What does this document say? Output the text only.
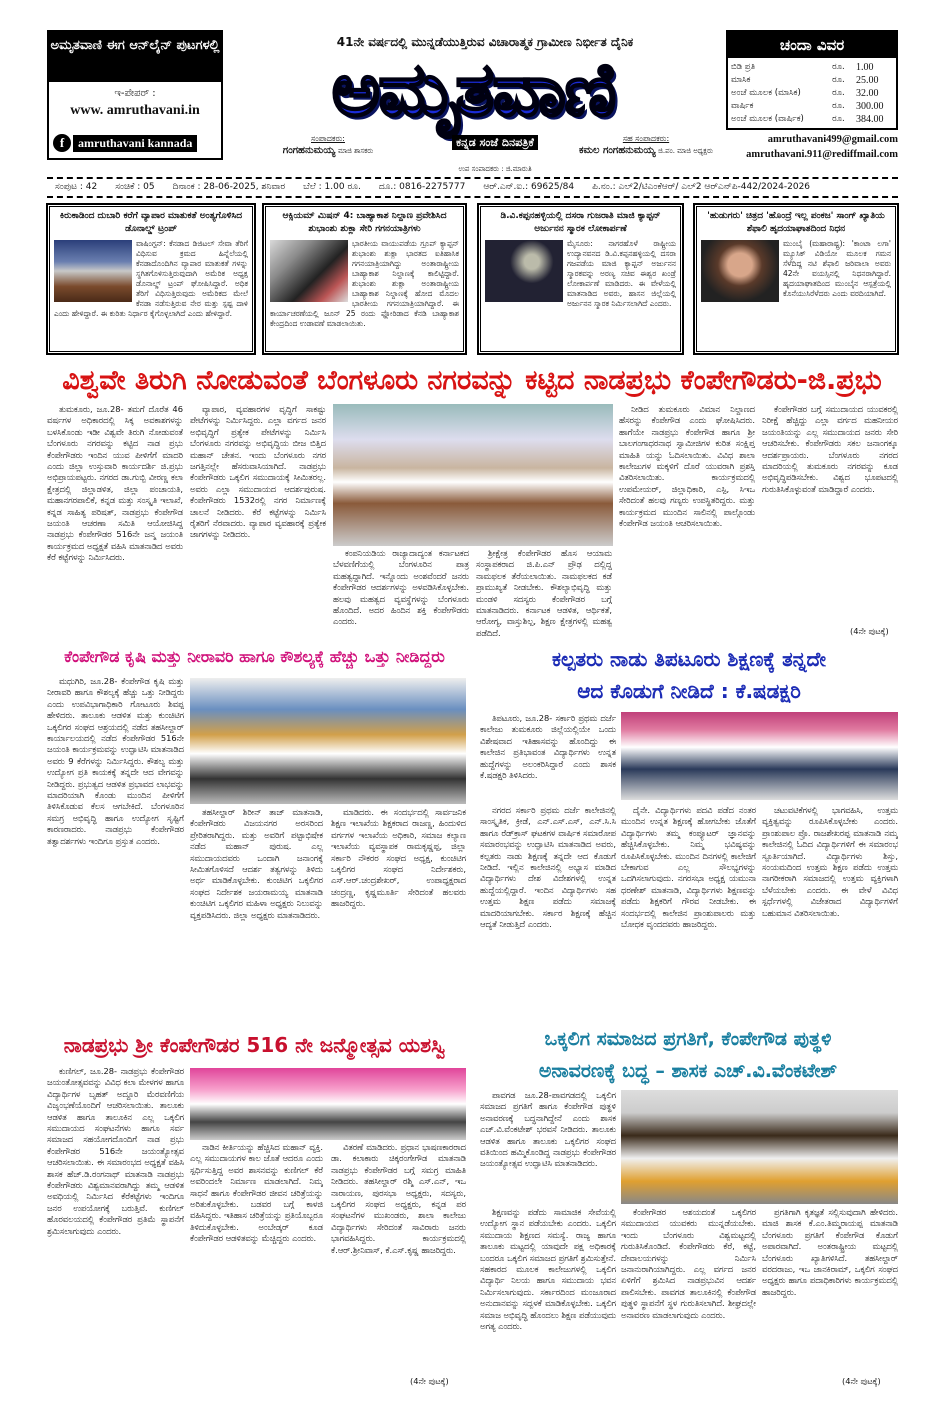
ಅಮೃತವಾಣಿ ಈಗ ಆನ್‌ಲೈನ್ ಪುಟಗಳಲ್ಲಿ
ಇ-ಪೇಪರ್ :
www. amruthavani.in
f	amruthavani kannada
41ನೇ ವರ್ಷದಲ್ಲಿ ಮುನ್ನಡೆಯುತ್ತಿರುವ ವಿಚಾರಾತ್ಮಕ ಗ್ರಾಮೀಣ ನಿರ್ಭೀತ ದೈನಿಕ
ಅಮೃತವಾಣಿ
ಸಂಪಾದಕರು:
ಗಂಗಹನುಮಯ್ಯ ಮಾಜಿ ಶಾಸಕರು
ಕನ್ನಡ ಸಂಜೆ ದಿನಪತ್ರಿಕೆ
ಉಪ ಸಂಪಾದಕರು : ಜಿ.ಮಾರುತಿ
ಸಹ ಸಂಪಾದಕರು:
ಕಮಲ ಗಂಗಹನುಮಯ್ಯ ಜಿ.ಪಂ. ಮಾಜಿ ಅಧ್ಯಕ್ಷರು
ಚಂದಾ ವಿವರ
ಬಿಡಿ ಪ್ರತಿ	ರೂ.	1.00
ಮಾಸಿಕ	ರೂ.	25.00
ಅಂಚೆ ಮೂಲಕ (ಮಾಸಿಕ)	ರೂ.	32.00
ವಾರ್ಷಿಕ	ರೂ.	300.00
ಅಂಚೆ ಮೂಲಕ (ವಾರ್ಷಿಕ)	ರೂ.	384.00
amruthavani499@gmail.com
amruthavani.911@rediffmail.com
ಸಂಪುಟ : 42 ಸಂಚಿಕೆ : 05 ದಿನಾಂಕ : 28-06-2025, ಶನಿವಾರ ಬೆಲೆ : 1.00 ರೂ. ದೂ.: 0816-2275777 ಆರ್.ಎನ್.ಐ.: 69625/84 ಪಿ.ನಂ.: ಎಲ್2/ಟಿಎಂಕೆಆರ್/ ಎಲ್2 ಆರ್‌ಎನ್‌ಪಿ-442/2024-2026
ಕಿರುಕಾಡಿಂದ ದುಬಾರಿ ಕರೆಗೆ ವ್ಯಾಪಾರ ಮಾತುಕತೆ ಅಂತ್ಯಗೊಳಿಸಿದ ಡೊನಾಲ್ಡ್ ಟ್ರಂಪ್
ವಾಷಿಂಗ್ಟನ್: ಕೆನಡಾದ ಡಿಜಿಟಲ್ ಸೇವಾ ತೆರಿಗೆ ವಿಧಿಸುವ ಕ್ರಮದ ಹಿನ್ನೆಲೆಯಲ್ಲಿ ಕೆನಡಾದೊಂದಿಗಿನ ವ್ಯಾಪಾರ ಮಾತುಕತೆ ಗಳನ್ನು ಸ್ಥಗಿತಗೊಳಿಸುತ್ತಿರುವುದಾಗಿ ಅಮೆರಿಕ ಅಧ್ಯಕ್ಷ ಡೊನಾಲ್ಡ್ ಟ್ರಂಪ್ ಘೋಷಿಸಿದ್ದಾರೆ. ಅಧಿಕ ತೆರಿಗೆ ವಿಧಿಸುತ್ತಿರುವುದು ಅಮೆರಿಕದ ಮೇಲೆ ಕೆನಡಾ ನಡೆಸುತ್ತಿರುವ ನೇರ ಮತ್ತು ಸ್ಪಷ್ಟ ದಾಳಿ ಎಂದು ಹೇಳಿದ್ದಾರೆ. ಈ ಕುರಿತು ನಿರ್ಧಾರ ಕೈಗೊಳ್ಳಲಾಗಿದೆ ಎಂದು ಹೇಳಿದ್ದಾರೆ.
ಆಕ್ಸಿಯಮ್ ಮಿಷನ್ 4: ಬಾಹ್ಯಾಕಾಶ ನಿಲ್ದಾಣ ಪ್ರವೇಶಿಸಿದ ಶುಭಾಂಶು ಶುಕ್ಲಾ ಸೇರಿ ಗಗನಯಾತ್ರಿಗಳು
ಭಾರತೀಯ ವಾಯುಪಡೆಯ ಗ್ರೂಪ್ ಕ್ಯಾಪ್ಟನ್ ಶುಭಾಂಶು ಶುಕ್ಲಾ ಭಾರತದ ಐತಿಹಾಸಿಕ ಗಗನಯಾತ್ರಿಯಾಗಿದ್ದು ಅಂತಾರಾಷ್ಟ್ರೀಯ ಬಾಹ್ಯಾಕಾಶ ನಿಲ್ದಾಣಕ್ಕೆ ಕಾಲಿಟ್ಟಿದ್ದಾರೆ. ಶುಭಾಂಶು ಶುಕ್ಲಾ ಅಂತಾರಾಷ್ಟ್ರೀಯ ಬಾಹ್ಯಾಕಾಶ ನಿಲ್ದಾಣಕ್ಕೆ ಹೋದ ಮೊದಲ ಭಾರತೀಯ ಗಗನಯಾತ್ರಿಯಾಗಿದ್ದಾರೆ. ಈ ಕಾರ್ಯಾಚರಣೆಯಲ್ಲಿ ಜೂನ್ 25 ರಂದು ಫ್ಲೋರಿಡಾದ ಕೆನಡಿ ಬಾಹ್ಯಾಕಾಶ ಕೇಂದ್ರದಿಂದ ಉಡಾವಣೆ ಮಾಡಲಾಯಿತು.
ಡಿ.ವಿ.ಕಪ್ಪನಹಳ್ಳಿಯಲ್ಲಿ ದಸರಾ ಗುಜರಾತಿ ಮಾಜಿ ಕ್ಯಾಪ್ಟನ್ ಅರ್ಜುನನ ಸ್ಮಾರಕ ಲೋಕಾರ್ಪಣೆ
ಮೈಸೂರು: ನಾಗರಹೊಳೆ ರಾಷ್ಟ್ರೀಯ ಉದ್ಯಾನವನದ ಡಿ.ವಿ.ಕಪ್ಪನಹಳ್ಳಿಯಲ್ಲಿ ದಸರಾ ಗಜಪಡೆಯ ಮಾಜಿ ಕ್ಯಾಪ್ಟನ್ ಅರ್ಜುನನ ಸ್ಮಾರಕವನ್ನು ಅರಣ್ಯ ಸಚಿವ ಈಶ್ವರ ಖಂಡ್ರೆ ಲೋಕಾರ್ಪಣೆ ಮಾಡಿದರು. ಈ ವೇಳೆಯಲ್ಲಿ ಮಾತನಾಡಿದ ಅವರು, ಹಾಸನ ಜಿಲ್ಲೆಯಲ್ಲಿ ಅರ್ಜುನನ ಸ್ಮಾರಕ ನಿರ್ಮಿಸಲಾಗಿದೆ ಎಂದರು.
'ಹುಡುಗರು' ಚಿತ್ರದ 'ಹೊಂದ್ರೆ ಇಲ್ಲ ಪಂಕಜ' ಸಾಂಗ್ ಖ್ಯಾತಿಯ ಶೆಫಾಲಿ ಹೃದಯಾಘಾತದಿಂದ ನಿಧನ
ಮುಂಬೈ (ಮಹಾರಾಷ್ಟ್ರ): 'ಕಾಂಟಾ ಲಗಾ' ಮ್ಯೂಸಿಕ್ ವಿಡಿಯೋ ಮೂಲಕ ಗಮನ ಸೆಳೆದಿದ್ದ ನಟಿ ಶೆಫಾಲಿ ಜರಿವಾಲಾ ಅವರು 42ನೇ ವಯಸ್ಸಿನಲ್ಲಿ ನಿಧನರಾಗಿದ್ದಾರೆ. ಹೃದಯಾಘಾತದಿಂದ ಮುಂಬೈನ ಆಸ್ಪತ್ರೆಯಲ್ಲಿ ಕೊನೆಯುಸಿರೆಳೆದರು ಎಂದು ವರದಿಯಾಗಿದೆ.
ವಿಶ್ವವೇ ತಿರುಗಿ ನೋಡುವಂತೆ ಬೆಂಗಳೂರು ನಗರವನ್ನು ಕಟ್ಟಿದ ನಾಡಪ್ರಭು ಕೆಂಪೇಗೌಡರು-ಜಿ.ಪ್ರಭು
ತುಮಕೂರು, ಜೂ.28- ತಮಗೆ ದೊರೆತ 46 ವರ್ಷಗಳ ಅಧಿಕಾರದಲ್ಲಿ ಸಿಕ್ಕ ಅವಕಾಶಗಳನ್ನು ಬಳಸಿಕೊಂಡು ಇಡೀ ವಿಶ್ವವೇ ತಿರುಗಿ ನೋಡುವಂತೆ ಬೆಂಗಳೂರು ನಗರವನ್ನು ಕಟ್ಟಿದ ನಾಡ ಪ್ರಭು ಕೆಂಪೇಗೌಡರು ಇಂದಿನ ಯುವ ಪೀಳಿಗೆಗೆ ಮಾದರಿ ಎಂದು ಜಿಲ್ಲಾ ಉಸ್ತುವಾರಿ ಕಾರ್ಯದರ್ಶಿ ಜಿ.ಪ್ರಭು ಅಭಿಪ್ರಾಯಪಟ್ಟರು. ನಗರದ ಡಾ.ಗುಬ್ಬಿ ವೀರಣ್ಣ ಕಲಾ ಕ್ಷೇತ್ರದಲ್ಲಿ ಜಿಲ್ಲಾಡಳಿತ, ಜಿಲ್ಲಾ ಪಂಚಾಯತಿ, ಮಹಾನಗರಪಾಲಿಕೆ, ಕನ್ನಡ ಮತ್ತು ಸಂಸ್ಕೃತಿ ಇಲಾಖೆ, ಕನ್ನಡ ಸಾಹಿತ್ಯ ಪರಿಷತ್, ನಾಡಪ್ರಭು ಕೆಂಪೇಗೌಡ ಜಯಂತಿ ಆಚರಣಾ ಸಮಿತಿ ಆಯೋಜಿಸಿದ್ದ ನಾಡಪ್ರಭು ಕೆಂಪೇಗೌಡರ 516ನೇ ಜನ್ಮ ಜಯಂತಿ ಕಾರ್ಯಕ್ರಮದ ಅಧ್ಯಕ್ಷತೆ ವಹಿಸಿ ಮಾತನಾಡಿದ ಅವರು ಕೆರೆ ಕಟ್ಟೆಗಳನ್ನು ನಿರ್ಮಿಸಿದರು.
ವ್ಯಾಪಾರ, ವ್ಯವಹಾರಗಳ ವೃದ್ಧಿಗೆ ಸಾಕಷ್ಟು ಪೇಟೆಗಳನ್ನು ನಿರ್ಮಿಸಿದ್ದರು. ಎಲ್ಲಾ ವರ್ಗದ ಜನರ ಅಭಿವೃದ್ಧಿಗೆ ಪ್ರತ್ಯೇಕ ಪೇಟೆಗಳನ್ನು ನಿರ್ಮಿಸಿ ಬೆಂಗಳೂರು ನಗರವನ್ನು ಅಭಿವೃದ್ಧಿಯ ಬೀಜ ಬಿತ್ತಿದ ಮಹಾನ್ ಚೇತನ. ಇಂದು ಬೆಂಗಳೂರು ನಗರ ಜಗತ್ತಿನಲ್ಲೇ ಹೆಸರುವಾಸಿಯಾಗಿದೆ. ನಾಡಪ್ರಭು ಕೆಂಪೇಗೌಡರು ಒಕ್ಕಲಿಗ ಸಮುದಾಯಕ್ಕೆ ಸೀಮಿತರಲ್ಲ. ಅವರು ಎಲ್ಲಾ ಸಮುದಾಯದ ಆದರ್ಶಪುರುಷ. ಕೆಂಪೇಗೌಡರು 1532ರಲ್ಲಿ ನಗರ ನಿರ್ಮಾಣಕ್ಕೆ ಚಾಲನೆ ನೀಡಿದರು. ಕೆರೆ ಕಟ್ಟೆಗಳನ್ನು ನಿರ್ಮಿಸಿ ರೈತರಿಗೆ ನೆರವಾದರು. ವ್ಯಾಪಾರ ವ್ಯವಹಾರಕ್ಕೆ ಪ್ರತ್ಯೇಕ ಜಾಗಗಳನ್ನು ನೀಡಿದರು.
ಕಂಪನಿಯಡಿಯ ರಾಜ್ಯಾದಾದ್ಯಂತ ಕರ್ನಾಟಕದ ಬೆಳವಣಿಗೆಯಲ್ಲಿ ಬೆಂಗಳೂರಿನ ಪಾತ್ರ ಮಹತ್ವದ್ದಾಗಿದೆ. ಇನ್ನೊಂದು ಅಂಶವೆಂದರೆ ಜನರು ಕೆಂಪೇಗೌಡರ ಆದರ್ಶಗಳನ್ನು ಅಳವಡಿಸಿಕೊಳ್ಳಬೇಕು. ಹಲವು ಮಹತ್ವದ ವ್ಯವಸ್ಥೆಗಳನ್ನು ಬೆಂಗಳೂರು ಹೊಂದಿದೆ. ಅದರ ಹಿಂದಿನ ಶಕ್ತಿ ಕೆಂಪೇಗೌಡರು ಎಂದರು.
ಶ್ರೀಕ್ಷೇತ್ರ ಕೆಂಪೇಗೌಡರ ಹೊಸ ಆಯಾಮ ಸಂಸ್ಥಾಪಕರಾದ ಜಿ.ಪಿ.ಎನ್ ಪ್ರೌಢ ದಲ್ಲಿದ್ದ ನಾಮಫಲಕ ತೆರೆಯಲಾಯಿತು. ನಾಮಫಲಕದ ಕಡೆ ಪ್ರಾಮುಖ್ಯತೆ ನೀಡಬೇಕು. ಕೌಶಲ್ಯಾಭಿವೃದ್ಧಿ ಮತ್ತು ಮಂಡಳಿ ಸದಸ್ಯರು ಕೆಂಪೇಗೌಡರ ಬಗ್ಗೆ ಮಾತನಾಡಿದರು. ಕರ್ನಾಟಕ ಆಡಳಿತ, ಆರ್ಥಿಕತೆ, ಆರೋಗ್ಯ, ವಾಸ್ತುಶಿಲ್ಪ, ಶಿಕ್ಷಣ ಕ್ಷೇತ್ರಗಳಲ್ಲಿ ಮಹತ್ವ ಪಡೆದಿದೆ.
ನೀಡಿದ ತುಮಕೂರು ವಿಮಾನ ನಿಲ್ದಾಣದ ಹೆಸರನ್ನು ಕೆಂಪೇಗೌಡ ಎಂದು ಘೋಷಿಸಿದರು. ಹಾಗೆಯೇ ನಾಡಪ್ರಭು ಕೆಂಪೇಗೌಡ ಹಾಗೂ ಶ್ರೀ ಬಾಲಗಂಗಾಧರನಾಥ ಸ್ವಾಮೀಜಿಗಳ ಕುರಿತ ಸಂಕ್ಷಿಪ್ತ ಮಾಹಿತಿ ಯನ್ನು ಓದಿಸಲಾಯಿತು. ವಿವಿಧ ಶಾಲಾ ಕಾಲೇಜುಗಳ ಮಕ್ಕಳಿಗೆ ದೊರೆ ಯುವರಾಗಿ ಪ್ರಶಸ್ತಿ ವಿತರಿಸಲಾಯಿತು. ಕಾರ್ಯಕ್ರಮದಲ್ಲಿ ಉಪಮೇಯರ್, ಜಿಲ್ಲಾಧಿಕಾರಿ, ಎಸ್ಪಿ, ಸಿಇಒ ಸೇರಿದಂತೆ ಹಲವು ಗಣ್ಯರು ಉಪಸ್ಥಿತರಿದ್ದರು. ಮತ್ತು ಕಾರ್ಯಕ್ರಮದ ಮುಂದಿನ ಸಾಲಿನಲ್ಲಿ ಪಾಲ್ಗೊಂಡು ಕೆಂಪೇಗೌಡ ಜಯಂತಿ ಆಚರಿಸಲಾಯಿತು.
ಕೆಂಪೇಗೌಡರ ಬಗ್ಗೆ ಸಮುದಾಯದ ಯುವಕರಲ್ಲಿ ನಿರೀಕ್ಷೆ ಹೆಚ್ಚಿದ್ದು ಎಲ್ಲಾ ವರ್ಗದ ಮಹನೀಯರ ಜಯಂತಿಯನ್ನು ಎಲ್ಲ ಸಮುದಾಯದ ಜನರು ಸೇರಿ ಆಚರಿಸಬೇಕು. ಕೆಂಪೇಗೌಡರು ಸಕಲ ಜನಾಂಗಕ್ಕೂ ಆದರ್ಶಪ್ರಾಯರು. ಬೆಂಗಳೂರು ನಗರದ ಮಾದರಿಯಲ್ಲಿ ತುಮಕೂರು ನಗರವನ್ನು ಕೂಡ ಅಭಿವೃದ್ಧಿಪಡಿಸಬೇಕು. ವಿಶ್ವದ ಭೂಪಟದಲ್ಲಿ ಗುರುತಿಸಿಕೊಳ್ಳುವಂತೆ ಮಾಡಿದ್ದಾರೆ ಎಂದರು.
(4ನೇ ಪುಟಕ್ಕೆ)
ಕೆಂಪೇಗೌಡ ಕೃಷಿ ಮತ್ತು ನೀರಾವರಿ ಹಾಗೂ ಕೌಶಲ್ಯಕ್ಕೆ ಹೆಚ್ಚು ಒತ್ತು ನೀಡಿದ್ದರು
ಮಧುಗಿರಿ, ಜೂ.28- ಕೆಂಪೇಗೌಡ ಕೃಷಿ ಮತ್ತು ನೀರಾವರಿ ಹಾಗೂ ಕೌಶಲ್ಯಕ್ಕೆ ಹೆಚ್ಚು ಒತ್ತು ನೀಡಿದ್ದರು ಎಂದು ಉಪವಿಭಾಗಾಧಿಕಾರಿ ಗೋಟೂರು ಶಿವಪ್ಪ ಹೇಳಿದರು. ತಾಲೂಕು ಆಡಳಿತ ಮತ್ತು ಕುಂಚಿಟಿಗ ಒಕ್ಕಲಿಗರ ಸಂಘದ ಆಶ್ರಯದಲ್ಲಿ ನಡೆದ ತಹಸೀಲ್ದಾರ್ ಕಾರ್ಯಾಲಯದಲ್ಲಿ ನಡೆದ ಕೆಂಪೇಗೌಡರ 516ನೇ ಜಯಂತಿ ಕಾರ್ಯಕ್ರಮವನ್ನು ಉದ್ಘಾಟಿಸಿ ಮಾತನಾಡಿದ ಅವರು 9 ಕೆರೆಗಳನ್ನು ನಿರ್ಮಿಸಿದ್ದರು. ಕೌಶಲ್ಯ ಮತ್ತು ಉದ್ಯೋಗ ಪ್ರತಿ ಕಾಯಕಕ್ಕೆ ತನ್ನದೇ ಆದ ವೇಗವನ್ನು ನೀಡಿದ್ದರು. ಪ್ರಭುತ್ವದ ಆಡಳಿತ ಪ್ರಭಾವದ ಲಾಭವನ್ನು ಮಾದರಿಯಾಗಿ ಕೊಂಡು ಮುಂದಿನ ಪೀಳಿಗೆಗೆ ತಿಳಿಸಿಕೊಡುವ ಕೆಲಸ ಆಗಬೇಕಿದೆ. ಬೆಂಗಳೂರಿನ ಸಮಗ್ರ ಅಭಿವೃದ್ಧಿ ಹಾಗೂ ಉದ್ಯೋಗ ಸೃಷ್ಟಿಗೆ ಕಾರಣರಾದರು. ನಾಡಪ್ರಭು ಕೆಂಪೇಗೌಡರ ತತ್ವಾದರ್ಶಗಳು ಇಂದಿಗೂ ಪ್ರಸ್ತುತ ಎಂದರು.
ತಹಸೀಲ್ದಾರ್ ಶಿರೀನ್ ತಾಜ್ ಮಾತನಾಡಿ, ಕೆಂಪೇಗೌಡರು ವಿಜಯನಗರ ಅರಸರಿಂದ ಪ್ರೇರಿತರಾಗಿದ್ದರು. ಮತ್ತು ಅವರಿಗೆ ಪಟ್ಟಾಭಿಷೇಕ ನಡೆದ ಮಹಾನ್ ಪುರುಷ. ಎಲ್ಲ ಸಮುದಾಯದವರು ಒಂದಾಗಿ ಜನಾಂಗಕ್ಕೆ ಸೀಮಿತಗೊಳಿಸದೆ ಆದರ್ಶ ತತ್ವಗಳನ್ನು ತಿಳಿದು ಅರ್ಥ ಮಾಡಿಕೊಳ್ಳಬೇಕು. ಕುಂಚಿಟಿಗ ಒಕ್ಕಲಿಗರ ಸಂಘದ ನಿರ್ದೇಶಕ ಜಯರಾಮಯ್ಯ ಮಾತನಾಡಿ ಕುಂಚಿಟಿಗ ಒಕ್ಕಲಿಗರ ಮಹಿಳಾ ಅಧ್ಯಕ್ಷರು ನಿಲುವನ್ನು ವ್ಯಕ್ತಪಡಿಸಿದರು. ಜಿಲ್ಲಾ ಅಧ್ಯಕ್ಷರು ಮಾತನಾಡಿದರು.
ಮಾಡಿದರು. ಈ ಸಂದರ್ಭದಲ್ಲಿ ಸಾರ್ವಜನಿಕ ಶಿಕ್ಷಣ ಇಲಾಖೆಯ ಶಿಕ್ಷಕರಾದ ರಾಜಣ್ಣ, ಹಿಂದುಳಿದ ವರ್ಗಗಳ ಇಲಾಖೆಯ ಅಧಿಕಾರಿ, ಸಮಾಜ ಕಲ್ಯಾಣ ಇಲಾಖೆಯ ವ್ಯವಸ್ಥಾಪಕ ರಾಮಕೃಷ್ಣಪ್ಪ, ಜಿಲ್ಲಾ ಸರ್ಕಾರಿ ನೌಕರರ ಸಂಘದ ಅಧ್ಯಕ್ಷ, ಕುಂಚಿಟಿಗ ಒಕ್ಕಲಿಗರ ಸಂಘದ ನಿರ್ದೇಶಕರು, ಎಸ್.ಆರ್.ಚಂದ್ರಶೇಖರ್, ಉಪಾಧ್ಯಕ್ಷರಾದ ಚಂದ್ರಣ್ಣ, ಕೃಷ್ಣಮೂರ್ತಿ ಸೇರಿದಂತೆ ಹಲವರು ಹಾಜರಿದ್ದರು.
ಕಲ್ಪತರು ನಾಡು ತಿಪಟೂರು ಶಿಕ್ಷಣಕ್ಕೆ ತನ್ನದೇ
ಆದ ಕೊಡುಗೆ ನೀಡಿದೆ : ಕೆ.ಷಡಕ್ಷರಿ
ತಿಪಟೂರು, ಜೂ.28- ಸರ್ಕಾರಿ ಪ್ರಥಮ ದರ್ಜೆ ಕಾಲೇಜು ತುಮಕೂರು ಜಿಲ್ಲೆಯಲ್ಲಿಯೇ ಒಂದು ವಿಶೇಷವಾದ ಇತಿಹಾಸವನ್ನು ಹೊಂದಿದ್ದು ಈ ಕಾಲೇಜಿನ ಪ್ರತಿಭಾವಂತ ವಿದ್ಯಾರ್ಥಿಗಳು ಉನ್ನತ ಹುದ್ದೆಗಳನ್ನು ಅಲಂಕರಿಸಿದ್ದಾರೆ ಎಂದು ಶಾಸಕ ಕೆ.ಷಡಕ್ಷರಿ ತಿಳಿಸಿದರು.
ನಗರದ ಸರ್ಕಾರಿ ಪ್ರಥಮ ದರ್ಜೆ ಕಾಲೇಜಿನಲ್ಲಿ ಸಾಂಸ್ಕೃತಿಕ, ಕ್ರೀಡೆ, ಎನ್.ಎಸ್.ಎಸ್, ಎನ್.ಸಿ.ಸಿ ಹಾಗೂ ರೆಡ್‌ಕ್ರಾಸ್ ಘಟಕಗಳ ವಾರ್ಷಿಕ ಸಮಾರೋಪ ಸಮಾರಂಭವನ್ನು ಉದ್ಘಾಟಿಸಿ ಮಾತನಾಡಿದ ಅವರು, ಕಲ್ಪತರು ನಾಡು ಶಿಕ್ಷಣಕ್ಕೆ ತನ್ನದೇ ಆದ ಕೊಡುಗೆ ನೀಡಿದೆ. ಇಲ್ಲಿನ ಕಾಲೇಜಿನಲ್ಲಿ ಅಭ್ಯಾಸ ಮಾಡಿದ ವಿದ್ಯಾರ್ಥಿಗಳು ದೇಶ ವಿದೇಶಗಳಲ್ಲಿ ಉನ್ನತ ಹುದ್ದೆಯಲ್ಲಿದ್ದಾರೆ. ಇಂದಿನ ವಿದ್ಯಾರ್ಥಿಗಳು ಸಹ ಉತ್ತಮ ಶಿಕ್ಷಣ ಪಡೆದು ಸಮಾಜಕ್ಕೆ ಮಾದರಿಯಾಗಬೇಕು. ಸರ್ಕಾರ ಶಿಕ್ಷಣಕ್ಕೆ ಹೆಚ್ಚಿನ ಆದ್ಯತೆ ನೀಡುತ್ತಿದೆ ಎಂದರು.
ದೈನೇ. ವಿದ್ಯಾರ್ಥಿಗಳು ಪದವಿ ಪಡೆದ ನಂತರ ಮುಂದಿನ ಉನ್ನತ ಶಿಕ್ಷಣಕ್ಕೆ ಹೋಗಬೇಕು ಜೊತೆಗೆ ವಿದ್ಯಾರ್ಥಿಗಳು ತಮ್ಮ ಕಂಪ್ಯೂಟರ್ ಜ್ಞಾನವನ್ನು ಹೆಚ್ಚಿಸಿಕೊಳ್ಳಬೇಕು. ನಿಮ್ಮ ಭವಿಷ್ಯವನ್ನು ರೂಪಿಸಿಕೊಳ್ಳಬೇಕು. ಮುಂದಿನ ದಿನಗಳಲ್ಲಿ ಕಾಲೇಜಿಗೆ ಬೇಕಾಗುವ ಎಲ್ಲ ಸೌಲಭ್ಯಗಳನ್ನು ಒದಗಿಸಲಾಗುವುದು. ನಗರಸಭಾ ಅಧ್ಯಕ್ಷ ಯಮುನಾ ಧರಣೇಶ್ ಮಾತನಾಡಿ, ವಿದ್ಯಾರ್ಥಿಗಳು ಶಿಕ್ಷಣವನ್ನು ಪಡೆದು ಶಿಕ್ಷಕರಿಗೆ ಗೌರವ ನೀಡಬೇಕು. ಈ ಸಂದರ್ಭದಲ್ಲಿ ಕಾಲೇಜಿನ ಪ್ರಾಂಶುಪಾಲರು ಮತ್ತು ಬೋಧಕ ವೃಂದದವರು ಹಾಜರಿದ್ದರು.
ಚಟುವಟಿಕೆಗಳಲ್ಲಿ ಭಾಗವಹಿಸಿ, ಉತ್ತಮ ವ್ಯಕ್ತಿತ್ವವನ್ನು ರೂಪಿಸಿಕೊಳ್ಳಬೇಕು ಎಂದರು. ಪ್ರಾಂಶುಪಾಲ ಪ್ರೊ. ರಾಜಶೇಖರಪ್ಪ ಮಾತನಾಡಿ ನಮ್ಮ ಕಾಲೇಜಿನಲ್ಲಿ ಓದಿದ ವಿದ್ಯಾರ್ಥಿಗಳಿಗೆ ಈ ಸಮಾರಂಭ ಸ್ಪೂರ್ತಿಯಾಗಿದೆ. ವಿದ್ಯಾರ್ಥಿಗಳು ಶಿಸ್ತು, ಸಂಯಮದಿಂದ ಉತ್ತಮ ಶಿಕ್ಷಣ ಪಡೆದು ಉತ್ತಮ ನಾಗರೀಕರಾಗಿ ಸಮಾಜದಲ್ಲಿ ಉತ್ತಮ ವ್ಯಕ್ತಿಗಳಾಗಿ ಬೆಳೆಯಬೇಕು ಎಂದರು. ಈ ವೇಳೆ ವಿವಿಧ ಸ್ಪರ್ಧೆಗಳಲ್ಲಿ ವಿಜೇತರಾದ ವಿದ್ಯಾರ್ಥಿಗಳಿಗೆ ಬಹುಮಾನ ವಿತರಿಸಲಾಯಿತು.
ನಾಡಪ್ರಭು ಶ್ರೀ ಕೆಂಪೇಗೌಡರ 516 ನೇ ಜನ್ಮೋತ್ಸವ ಯಶಸ್ವಿ
ಕುಣಿಗಲ್, ಜೂ.28- ನಾಡಪ್ರಭು ಕೆಂಪೇಗೌಡರ ಜಯಂತೋತ್ಸವವನ್ನು ವಿವಿಧ ಕಲಾ ಮೇಳಗಳ ಹಾಗೂ ವಿದ್ಯಾರ್ಥಿಗಳ ಬೃಹತ್ ಅದ್ದೂರಿ ಮೆರವಣಿಗೆಯ ವಿಜೃಂಭಣೆಯೊಂದಿಗೆ ಆಚರಿಸಲಾಯಿತು. ತಾಲೂಕು ಆಡಳಿತ ಹಾಗೂ ತಾಲೂಕಿನ ಎಲ್ಲ ಒಕ್ಕಲಿಗ ಸಮುದಾಯದ ಸಂಘಟನೆಗಳು ಹಾಗೂ ಸರ್ವ ಸಮಾಜದ ಸಹಯೋಗದೊಂದಿಗೆ ನಾಡ ಪ್ರಭು ಕೆಂಪೇಗೌಡರ 516ನೇ ಜಯಂತ್ಯೋತ್ಸವ ಆಚರಿಸಲಾಯಿತು. ಈ ಸಮಾರಂಭದ ಅಧ್ಯಕ್ಷತೆ ವಹಿಸಿ ಶಾಸಕ ಹೆಚ್.ಡಿ.ರಂಗನಾಥ್ ಮಾತನಾಡಿ ನಾಡಪ್ರಭು ಕೆಂಪೇಗೌಡರು ವಿಶ್ವಮಾನವರಾಗಿದ್ದು ತಮ್ಮ ಆಡಳಿತ ಅವಧಿಯಲ್ಲಿ ನಿರ್ಮಿಸಿದ ಕೆರೆಕಟ್ಟೆಗಳು ಇಂದಿಗೂ ಜನರ ಉಪಯೋಗಕ್ಕೆ ಬರುತ್ತಿವೆ. ಕುಣಿಗಲ್ ಹೊರವಲಯದಲ್ಲಿ ಕೆಂಪೇಗೌಡರ ಪ್ರತಿಮೆ ಸ್ಥಾಪನೆಗೆ ಶ್ರಮಿಸಲಾಗುವುದು ಎಂದರು.
ನಾಡಿನ ಕೀರ್ತಿಯನ್ನು ಹೆಚ್ಚಿಸಿದ ಮಹಾನ್ ವ್ಯಕ್ತಿ. ಎಲ್ಲ ಸಮುದಾಯಗಳ ಕಾಲ ಜೊತೆ ಆದರೂ ಎಂದು ಸ್ಪರ್ಧಿಸುತ್ತಿದ್ದ ಅವರ ಶಾಸನವನ್ನು ಕುಣಿಗಲ್ ಕೆರೆ ಅವರಿಂದಲೇ ನಿರ್ಮಾಣ ಮಾಡಲಾಗಿದೆ. ನಿಮ್ಮ ಸಾಧನೆ ಹಾಗೂ ಕೆಂಪೇಗೌಡರ ಜೀವನ ಚರಿತ್ರೆಯನ್ನು ಅರಿತುಕೊಳ್ಳಬೇಕು. ಬಡವರ ಬಗ್ಗೆ ಕಾಳಜಿ ವಹಿಸಿದ್ದರು. ಇತಿಹಾಸ ಚರಿತ್ರೆಯನ್ನು ಪ್ರತಿಯೊಬ್ಬರೂ ತಿಳಿದುಕೊಳ್ಳಬೇಕು. ಅಂಬೇಡ್ಕರ್ ಕೂಡ ಕೆಂಪೇಗೌಡರ ಆಡಳಿತವನ್ನು ಮೆಚ್ಚಿದ್ದರು ಎಂದರು.
ವಿತರಣೆ ಮಾಡಿದರು. ಪ್ರಧಾನ ಭಾಷಣಕಾರರಾದ ಡಾ. ಕಲಾಕಾರು ಚಿಕ್ಕರಂಗೇಗೌಡ ಮಾತನಾಡಿ ನಾಡಪ್ರಭು ಕೆಂಪೇಗೌಡರ ಬಗ್ಗೆ ಸಮಗ್ರ ಮಾಹಿತಿ ನೀಡಿದರು. ತಹಸೀಲ್ದಾರ್ ರಶ್ಮಿ ಎಸ್.ಎನ್, ಇಒ ನಾರಾಯಣ, ಪುರಸಭಾ ಅಧ್ಯಕ್ಷರು, ಸದಸ್ಯರು, ಒಕ್ಕಲಿಗರ ಸಂಘದ ಅಧ್ಯಕ್ಷರು, ಕನ್ನಡ ಪರ ಸಂಘಟನೆಗಳ ಮುಖಂಡರು, ಶಾಲಾ ಕಾಲೇಜು ವಿದ್ಯಾರ್ಥಿಗಳು ಸೇರಿದಂತೆ ಸಾವಿರಾರು ಜನರು ಭಾಗವಹಿಸಿದ್ದರು. ಕಾರ್ಯಕ್ರಮದಲ್ಲಿ ಕೆ.ಆರ್.ಶ್ರೀನಿವಾಸ್, ಕೆ.ಎಸ್.ಕೃಷ್ಣ ಹಾಜರಿದ್ದರು.
(4ನೇ ಪುಟಕ್ಕೆ)
ಒಕ್ಕಲಿಗ ಸಮಾಜದ ಪ್ರಗತಿಗೆ, ಕೆಂಪೇಗೌಡ ಪುತ್ಥಳಿ
ಅನಾವರಣಕ್ಕೆ ಬದ್ಧ – ಶಾಸಕ ಎಚ್.ವಿ.ವೆಂಕಟೇಶ್
ಪಾವಗಡ ಜೂ.28-ಪಾವಗಡದಲ್ಲಿ ಒಕ್ಕಲಿಗ ಸಮಾಜದ ಪ್ರಗತಿಗೆ ಹಾಗೂ ಕೆಂಪೇಗೌಡ ಪುತ್ಥಳಿ ಅನಾವರಣಕ್ಕೆ ಬದ್ಧನಾಗಿದ್ದೇನೆ ಎಂದು ಶಾಸಕ ಎಚ್.ವಿ.ವೆಂಕಟೇಶ್ ಭರವಸೆ ನೀಡಿದರು. ತಾಲೂಕು ಆಡಳಿತ ಹಾಗೂ ತಾಲೂಕು ಒಕ್ಕಲಿಗರ ಸಂಘದ ವತಿಯಿಂದ ಹಮ್ಮಿಕೊಂಡಿದ್ದ ನಾಡಪ್ರಭು ಕೆಂಪೇಗೌಡರ ಜಯಂತ್ಯೋತ್ಸವ ಉದ್ಘಾಟಿಸಿ ಮಾತನಾಡಿದರು.
ಶಿಕ್ಷಣವನ್ನು ಪಡೆದು ಸಾಮಾಜಿಕ ಸೇವೆಯಲ್ಲಿ ಉದ್ಯೋಗ ಸ್ಥಾನ ಪಡೆಯಬೇಕು ಎಂದರು. ಒಕ್ಕಲಿಗ ಸಮುದಾಯ ಶಿಕ್ಷಣದ ಸಮಸ್ಯೆ. ರಾಜ್ಯ ಹಾಗೂ ತಾಲೂಕು ಮಟ್ಟದಲ್ಲಿ ಯಾವುದೇ ಪಕ್ಷ ಅಧಿಕಾರಕ್ಕೆ ಬಂದರೂ ಒಕ್ಕಲಿಗ ಸಮಾಜದ ಪ್ರಗತಿಗೆ ಶ್ರಮಿಸುತ್ತೇನೆ. ಸಹಕಾರದ ಮೂಲಕ ಕಾಲೇಜುಗಳಲ್ಲಿ ಒಕ್ಕಲಿಗ ವಿದ್ಯಾರ್ಥಿ ನಿಲಯ ಹಾಗೂ ಸಮುದಾಯ ಭವನ ನಿರ್ಮಿಸಲಾಗುವುದು. ಸರ್ಕಾರದಿಂದ ಮಂಜೂರಾದ ಅನುದಾನವನ್ನು ಸದ್ಬಳಕೆ ಮಾಡಿಕೊಳ್ಳಬೇಕು. ಒಕ್ಕಲಿಗ ಸಮಾಜ ಅಭಿವೃದ್ಧಿ ಹೊಂದಲು ಶಿಕ್ಷಣ ಪಡೆಯುವುದು ಅಗತ್ಯ ಎಂದರು.
ಕೆಂಪೇಗೌಡರ ಆಶಯದಂತೆ ಒಕ್ಕಲಿಗರ ಸಮುದಾಯದ ಯುವಕರು ಮುನ್ನಡೆಯಬೇಕು. ಇಂದು ಬೆಂಗಳೂರು ವಿಶ್ವಮಟ್ಟದಲ್ಲಿ ಗುರುತಿಸಿಕೊಂಡಿದೆ. ಕೆಂಪೇಗೌಡರು ಕೆರೆ, ಕಟ್ಟೆ, ದೇವಾಲಯಗಳನ್ನು ನಿರ್ಮಿಸಿ ಜನಾನುರಾಗಿಯಾಗಿದ್ದರು. ಎಲ್ಲ ವರ್ಗದ ಜನರ ಏಳಿಗೆಗೆ ಶ್ರಮಿಸಿದ ನಾಡಪ್ರಭುವಿನ ಆದರ್ಶ ಪಾಲಿಸಬೇಕು. ಪಾವಗಡ ತಾಲೂಕಿನಲ್ಲಿ ಕೆಂಪೇಗೌಡ ಪುತ್ಥಳಿ ಸ್ಥಾಪನೆಗೆ ಸ್ಥಳ ಗುರುತಿಸಲಾಗಿದೆ. ಶೀಘ್ರದಲ್ಲೇ ಅನಾವರಣ ಮಾಡಲಾಗುವುದು ಎಂದರು.
ಪ್ರಗತಿಗಾಗಿ ಕೃತಜ್ಞತೆ ಸಲ್ಲಿಸುವುದಾಗಿ ಹೇಳಿದರು. ಮಾಜಿ ಶಾಸಕ ಕೆ.ಎಂ.ತಿಮ್ಮರಾಯಪ್ಪ ಮಾತನಾಡಿ ಬೆಂಗಳೂರು ಪ್ರಗತಿಗೆ ಕೆಂಪೇಗೌಡ ಕೊಡುಗೆ ಅಪಾರವಾಗಿದೆ. ಅಂತರಾಷ್ಟ್ರೀಯ ಮಟ್ಟದಲ್ಲಿ ಬೆಂಗಳೂರು ಖ್ಯಾತಿಗಳಿಸಿದೆ. ತಹಸೀಲ್ದಾರ್ ವರದರಾಜು, ಇಒ ಜಾನಕಿರಾಮ್, ಒಕ್ಕಲಿಗ ಸಂಘದ ಅಧ್ಯಕ್ಷರು ಹಾಗೂ ಪದಾಧಿಕಾರಿಗಳು ಕಾರ್ಯಕ್ರಮದಲ್ಲಿ ಹಾಜರಿದ್ದರು.
(4ನೇ ಪುಟಕ್ಕೆ)
